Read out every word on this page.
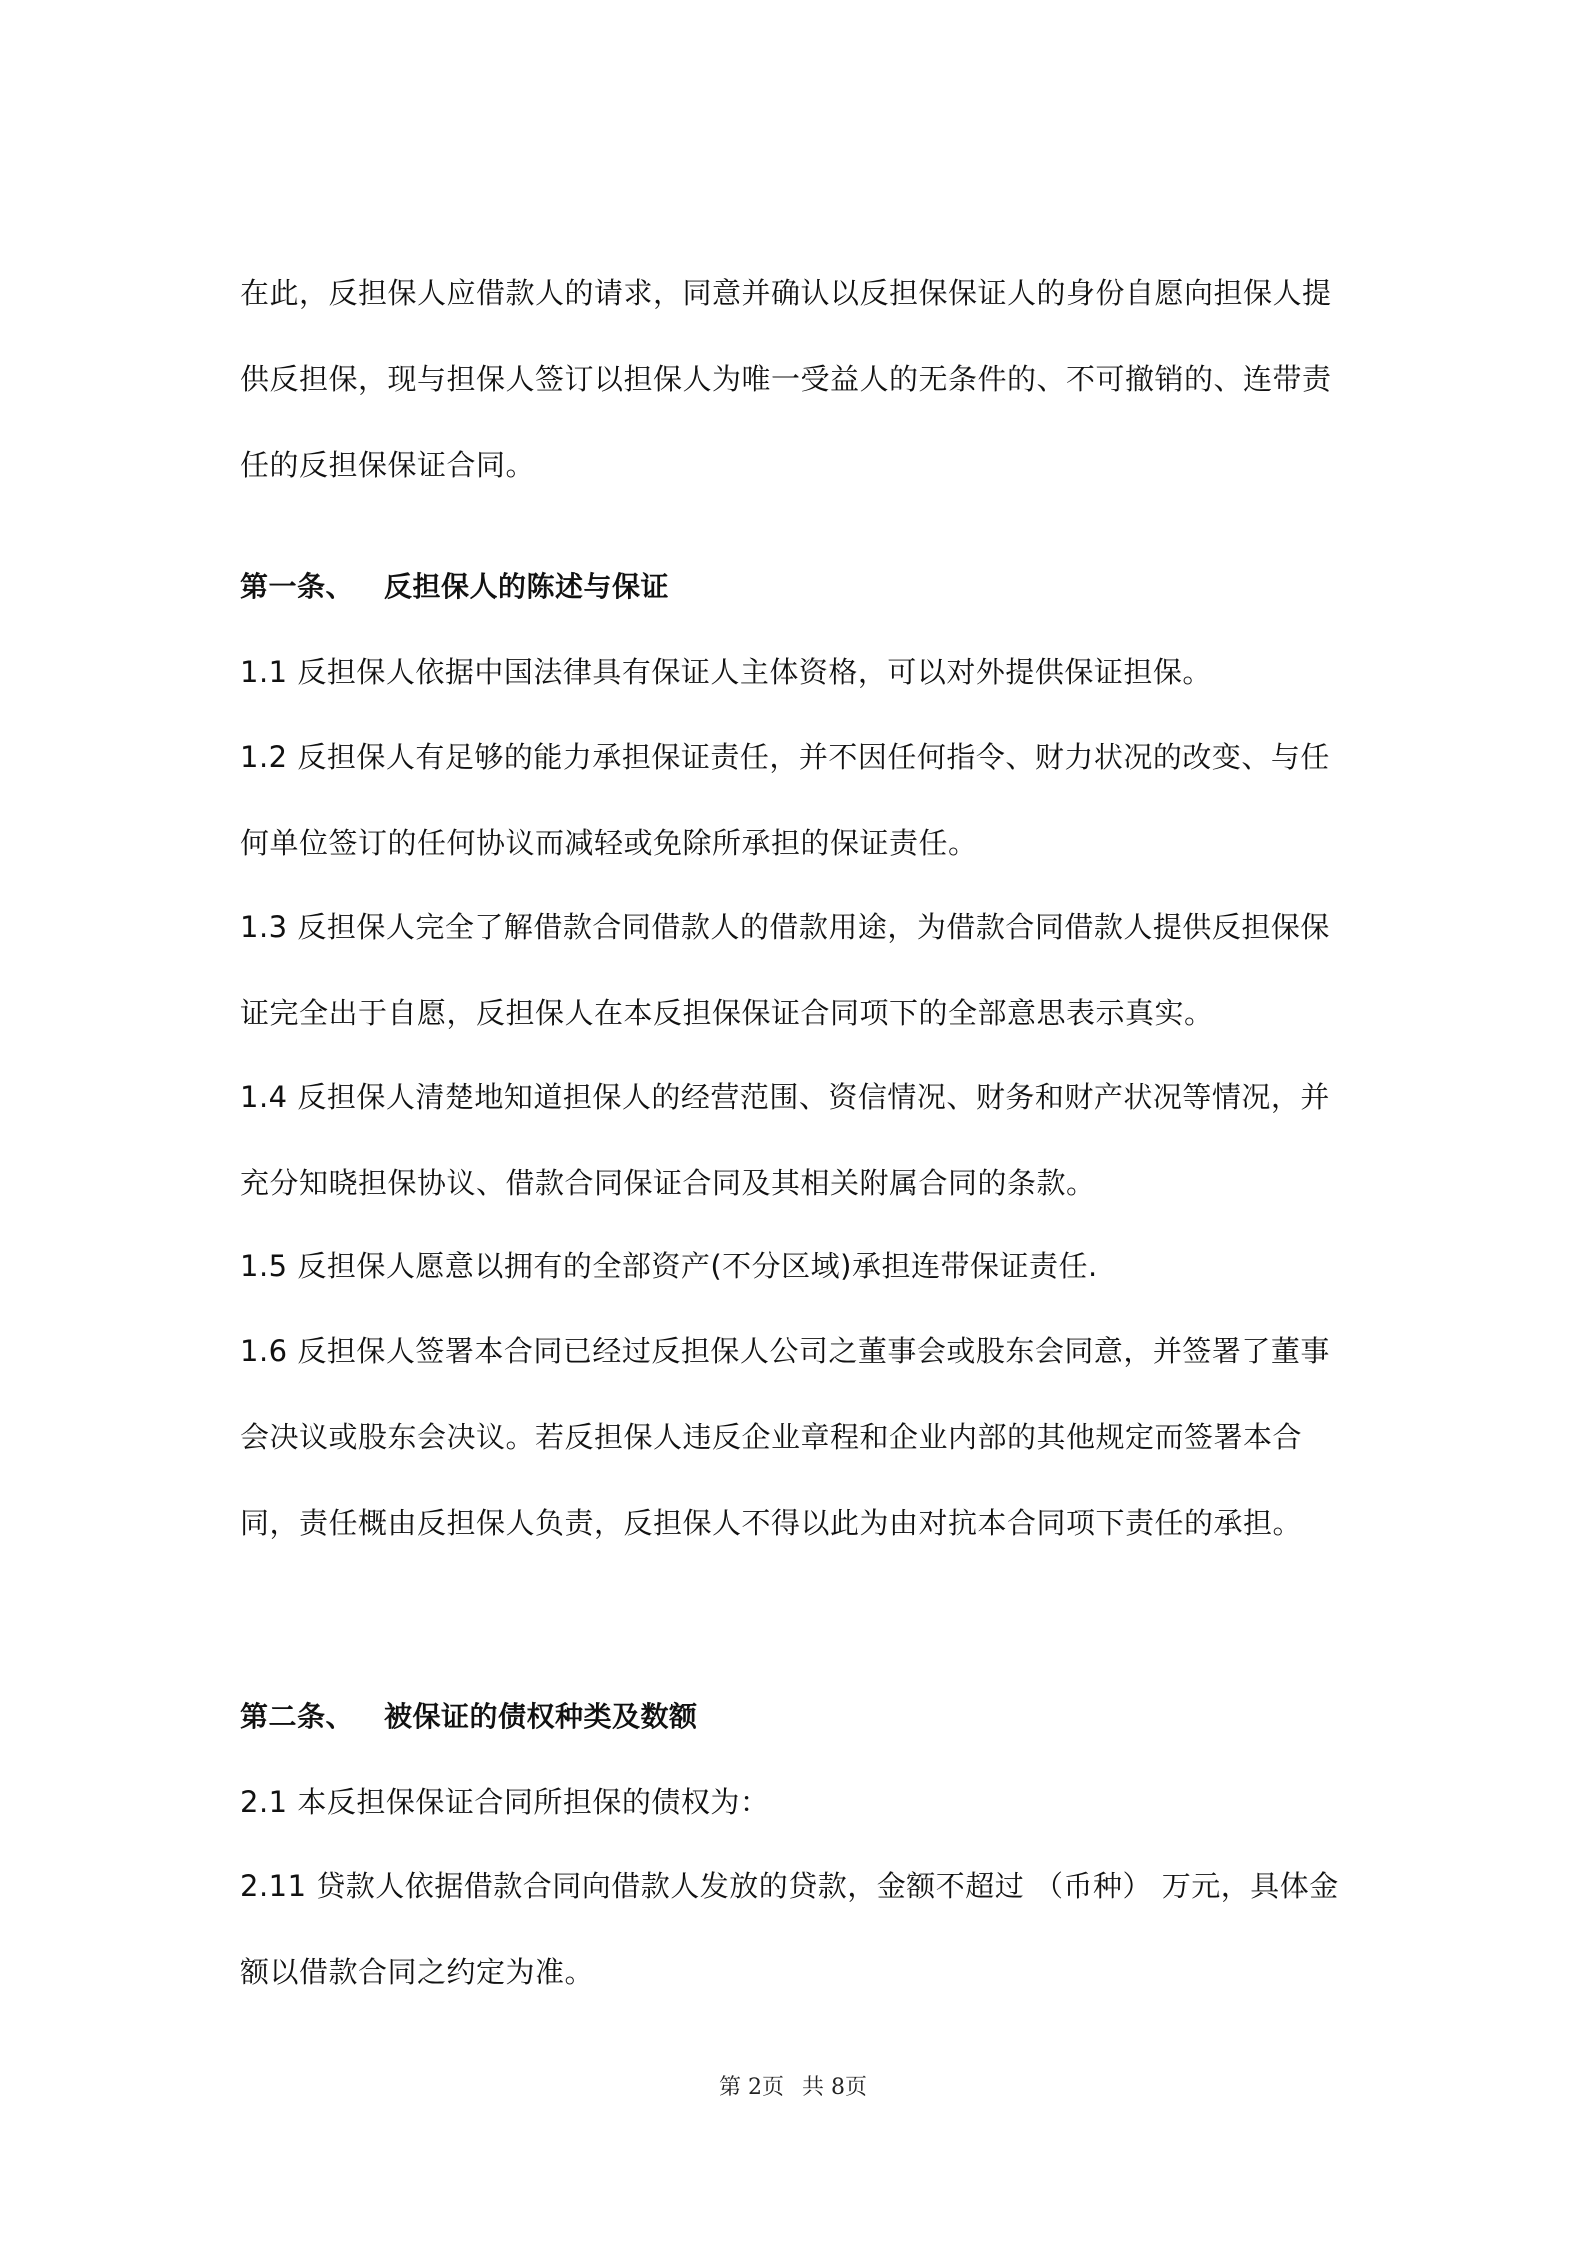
在此，反担保人应借款人的请求，同意并确认以反担保保证人的身份自愿向担保人提供反担保，现与担保人签订以担保人为唯一受益人的无条件的、不可撤销的、连带责任的反担保保证合同。
第一条、 反担保人的陈述与保证
1.1 反担保人依据中国法律具有保证人主体资格，可以对外提供保证担保。
1.2 反担保人有足够的能力承担保证责任，并不因任何指令、财力状况的改变、与任何单位签订的任何协议而减轻或免除所承担的保证责任。
1.3 反担保人完全了解借款合同借款人的借款用途，为借款合同借款人提供反担保保证完全出于自愿，反担保人在本反担保保证合同项下的全部意思表示真实。
1.4 反担保人清楚地知道担保人的经营范围、资信情况、财务和财产状况等情况，并充分知晓担保协议、借款合同保证合同及其相关附属合同的条款。
1.5 反担保人愿意以拥有的全部资产(不分区域)承担连带保证责任.
1.6 反担保人签署本合同已经过反担保人公司之董事会或股东会同意，并签署了董事会决议或股东会决议。若反担保人违反企业章程和企业内部的其他规定而签署本合同，责任概由反担保人负责，反担保人不得以此为由对抗本合同项下责任的承担。
第二条、 被保证的债权种类及数额
2.1 本反担保保证合同所担保的债权为：
2.11 贷款人依据借款合同向借款人发放的贷款，金额不超过 （币种） 万元，具体金额以借款合同之约定为准。
第 2页 共 8页
